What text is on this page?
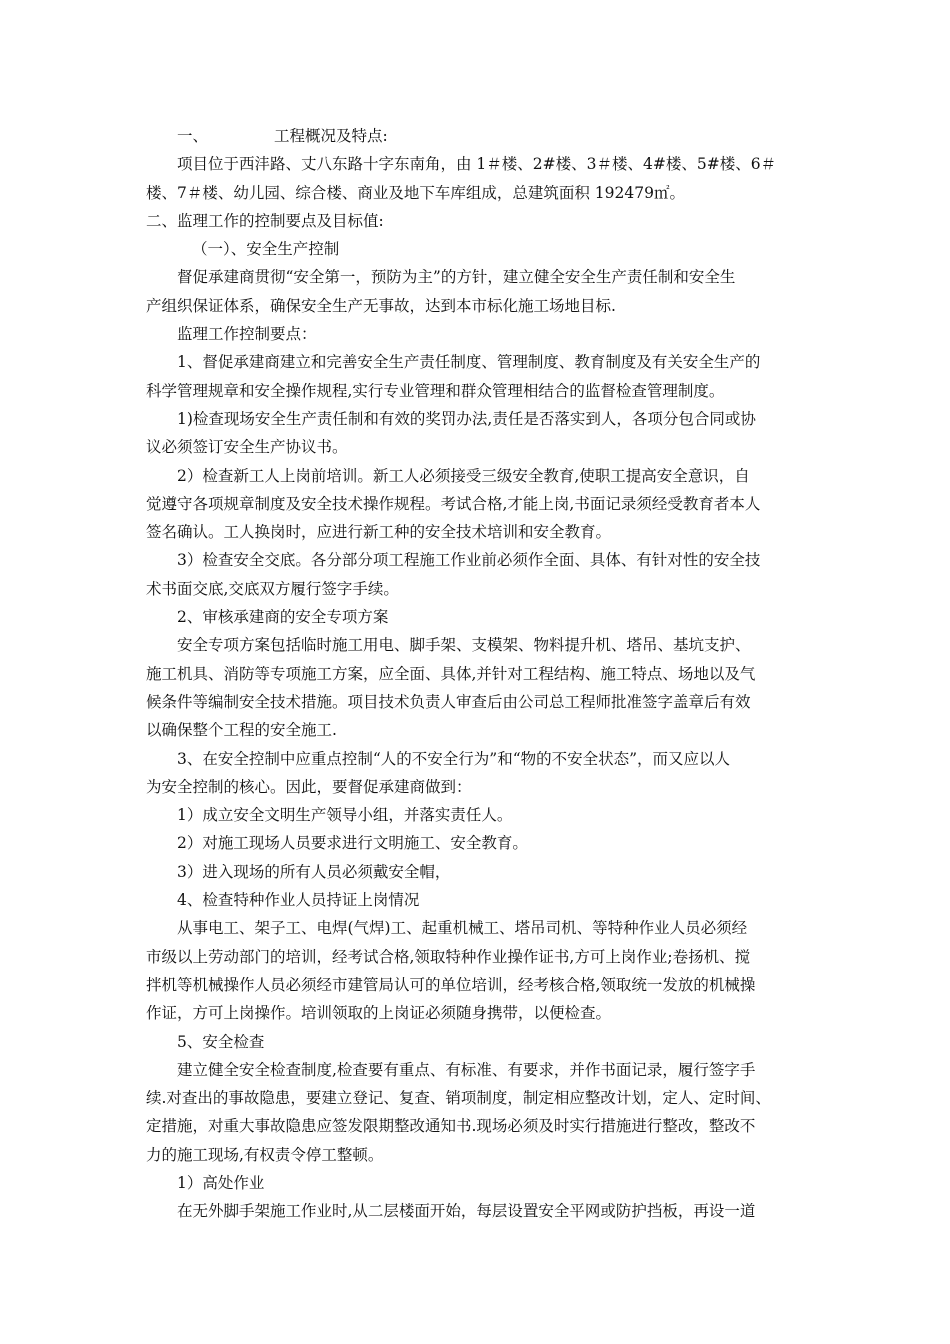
一、	工程概况及特点:
项目位于西沣路、丈八东路十字东南角，由 1＃楼、2#楼、3＃楼、4#楼、5#楼、6＃
楼、7＃楼、幼儿园、综合楼、商业及地下车库组成，总建筑面积 192479㎡。
二、监理工作的控制要点及目标值:
（一）、安全生产控制
督促承建商贯彻“安全第一，预防为主”的方针，建立健全安全生产责任制和安全生
产组织保证体系，确保安全生产无事故，达到本市标化施工场地目标.
监理工作控制要点：
1、督促承建商建立和完善安全生产责任制度、管理制度、教育制度及有关安全生产的
科学管理规章和安全操作规程,实行专业管理和群众管理相结合的监督检查管理制度。
1)检查现场安全生产责任制和有效的奖罚办法,责任是否落实到人，各项分包合同或协
议必须签订安全生产协议书。
2）检查新工人上岗前培训。新工人必须接受三级安全教育,使职工提高安全意识，自
觉遵守各项规章制度及安全技术操作规程。考试合格,才能上岗,书面记录须经受教育者本人
签名确认。工人换岗时，应进行新工种的安全技术培训和安全教育。
3）检查安全交底。各分部分项工程施工作业前必须作全面、具体、有针对性的安全技
术书面交底,交底双方履行签字手续。
2、审核承建商的安全专项方案
安全专项方案包括临时施工用电、脚手架、支模架、物料提升机、塔吊、基坑支护、
施工机具、消防等专项施工方案，应全面、具体,并针对工程结构、施工特点、场地以及气
候条件等编制安全技术措施。项目技术负责人审查后由公司总工程师批准签字盖章后有效
以确保整个工程的安全施工.
3、在安全控制中应重点控制“人的不安全行为”和“物的不安全状态”，而又应以人
为安全控制的核心。因此，要督促承建商做到：
1）成立安全文明生产领导小组，并落实责任人。
2）对施工现场人员要求进行文明施工、安全教育。
3）进入现场的所有人员必须戴安全帽，
4、检查特种作业人员持证上岗情况
从事电工、架子工、电焊(气焊)工、起重机械工、塔吊司机、等特种作业人员必须经
市级以上劳动部门的培训，经考试合格,领取特种作业操作证书,方可上岗作业;卷扬机、搅
拌机等机械操作人员必须经市建管局认可的单位培训，经考核合格,领取统一发放的机械操
作证，方可上岗操作。培训领取的上岗证必须随身携带，以便检查。
5、安全检查
建立健全安全检查制度,检查要有重点、有标准、有要求，并作书面记录，履行签字手
续.对查出的事故隐患，要建立登记、复查、销项制度，制定相应整改计划，定人、定时间、
定措施，对重大事故隐患应签发限期整改通知书.现场必须及时实行措施进行整改，整改不
力的施工现场,有权责令停工整顿。
1）高处作业
在无外脚手架施工作业时,从二层楼面开始，每层设置安全平网或防护挡板，再设一道
